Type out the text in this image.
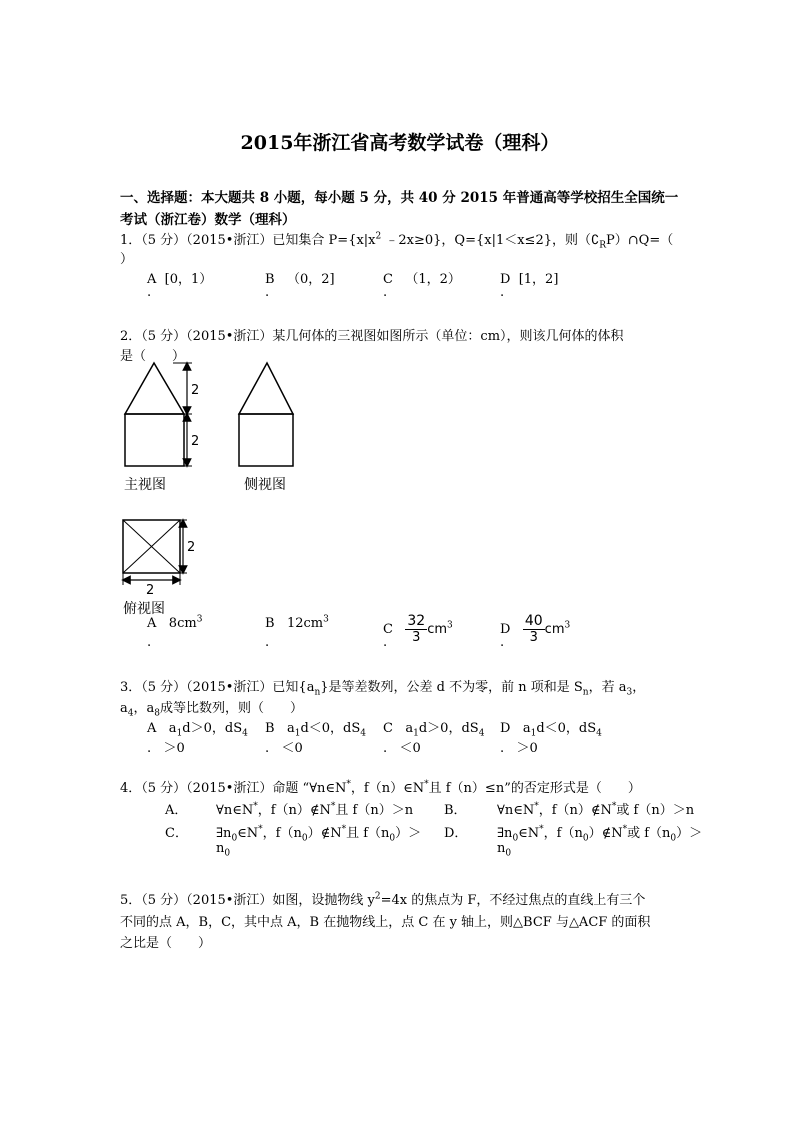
2015年浙江省高考数学试卷（理科）
一、选择题：本大题共 8 小题，每小题 5 分，共 40 分 2015 年普通高等学校招生全国统一
考试（浙江卷）数学（理科）
1．（5 分）（2015•浙江）已知集合 $P=\{x|x^2$ ﹣2x≥0}，Q={x|1＜x≤2}，则$(∁_RP)\cap Q=$（
）
A [0，1）	B （0，2]	C （1，2）	D [1，2]
.	.	.	.
2．（5 分）（2015•浙江）某几何体的三视图如图所示（单位：cm），则该几何体的体积
是（　　）
2
2
2
2
主视图	侧视图
俯视图
A $8cm^3$	B $12cm^3$
C $\frac{32}{3} cm^3$	D $\frac{40}{3} cm^3$
.	.	.	.
3．（5 分）（2015•浙江）已知$\{a_n\}$是等差数列，公差 d 不为零，前 n 项和是 $S_n$，若 $a_3$，
$a_4$，$a_8$成等比数列，则（　　）
A $a_1d>0$，$dS_4$
. ＞0
B $a_1d<0$，$dS_4$
. ＜0
C $a_1d>0$，$dS_4$
. ＜0
D $a_1d<0$，$dS_4$
. ＞0
4．（5 分）（2015•浙江）命题 “∀n∈N*，f（n）∈N*且 f（n）≤n”的否定形式是（　　）
A． ∀n∈N*，f（n）∉N*且 f（n）＞n B． ∀n∈N*，f（n）∉N*或 f（n）＞n
C． $\exists n_0\in N^*$，$f(n_0)\notin N^*$且 $f(n_0)>$
$n_0$
D． $\exists n_0\in N^*$，$f(n_0)\notin N^*$或 $f(n_0)>$
$n_0$
5．（5 分）（2015•浙江）如图，设抛物线 $y^2=4x$ 的焦点为 F，不经过焦点的直线上有三个
不同的点 A，B，C，其中点 A，B 在抛物线上，点 C 在 y 轴上，则△BCF 与△ACF 的面积
之比是（　　）
